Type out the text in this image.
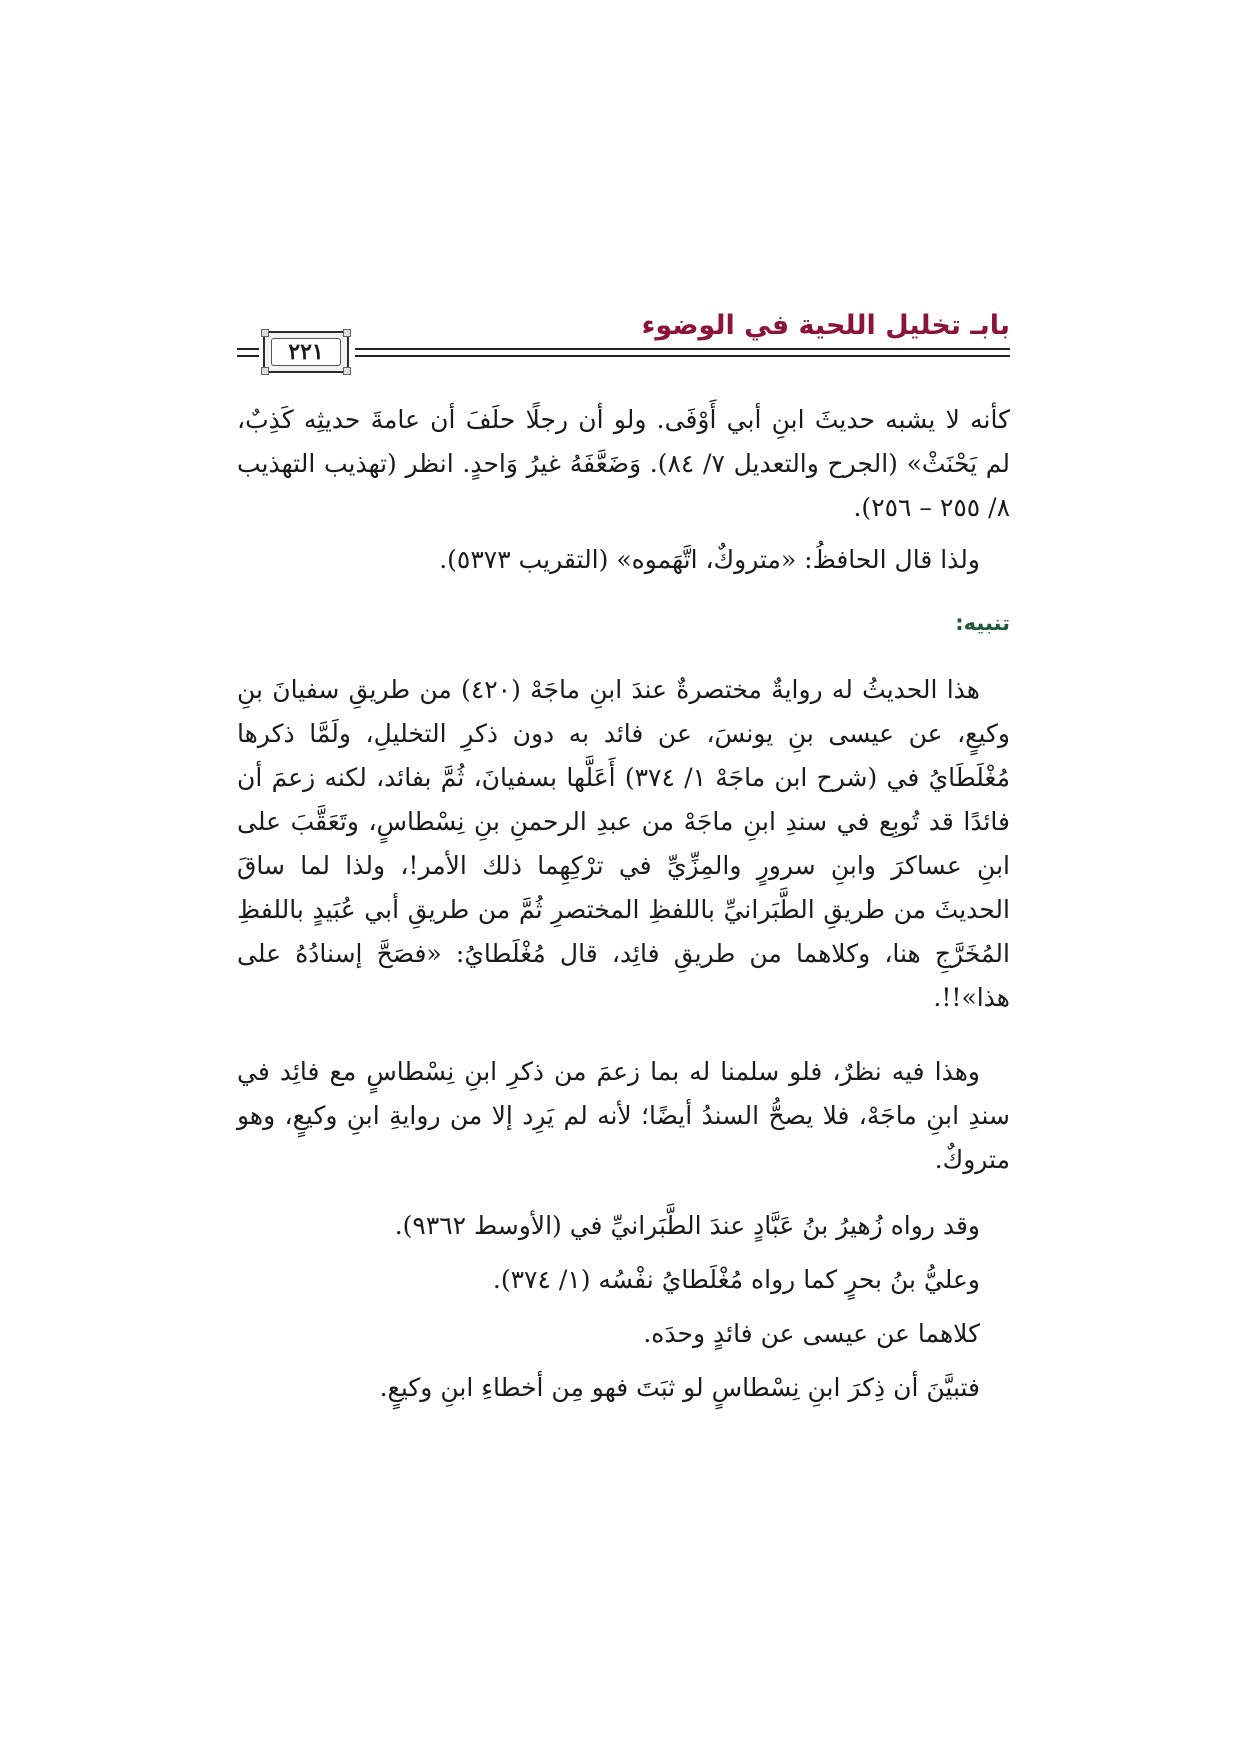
بابـ تخليل اللحية في الوضوء
٢٢١

كأنه لا يشبه حديثَ ابنِ أبي أَوْفَى. ولو أن رجلًا حلَفَ أن عامةَ حديثِه كَذِبٌ، لم يَحْنَثْ» (الجرح والتعديل ٧/ ٨٤). وَضَعَّفَهُ غيرُ وَاحدٍ. انظر (تهذيب التهذيب ٨/ ٢٥٥ – ٢٥٦).

ولذا قال الحافظُ: «متروكٌ، اتَّهَموه» (التقريب ٥٣٧٣).

تنبيه:

هذا الحديثُ له روايةٌ مختصرةٌ عندَ ابنِ ماجَهْ (٤٢٠) من طريقِ سفيانَ بنِ وكيعٍ، عن عيسى بنِ يونسَ، عن فائد به دون ذكرِ التخليلِ، ولَمَّا ذكرها مُغْلَطَايُ في (شرح ابن ماجَهْ ١/ ٣٧٤) أَعَلَّها بسفيانَ، ثُمَّ بفائد، لكنه زعمَ أن فائدًا قد تُوبِع في سندِ ابنِ ماجَهْ من عبدِ الرحمنِ بنِ نِسْطاسٍ، وتَعَقَّبَ على ابنِ عساكرَ وابنِ سرورٍ والمِزِّيِّ في ترْكِهِما ذلك الأمر!، ولذا لما ساقَ الحديثَ من طريقِ الطَّبَرانيِّ باللفظِ المختصرِ ثُمَّ من طريقِ أبي عُبَيدٍ باللفظِ المُخَرَّجِ هنا، وكلاهما من طريقِ فائِد، قال مُغْلَطايُ: «فصَحَّ إسنادُهُ على هذا»!!.

وهذا فيه نظرٌ، فلو سلمنا له بما زعمَ من ذكرِ ابنِ نِسْطاسٍ مع فائِد في سندِ ابنِ ماجَهْ، فلا يصحُّ السندُ أيضًا؛ لأنه لم يَرِد إلا من روايةِ ابنِ وكيعٍ، وهو متروكٌ.

وقد رواه زُهيرُ بنُ عَبَّادٍ عندَ الطَّبَرانيِّ في (الأوسط ٩٣٦٢).

وعليُّ بنُ بحرٍ كما رواه مُغْلَطايُ نفْسُه (١/ ٣٧٤).

كلاهما عن عيسى عن فائدٍ وحدَه.

فتبيَّنَ أن ذِكرَ ابنِ نِسْطاسٍ لو ثبَتَ فهو مِن أخطاءِ ابنِ وكيعٍ.
